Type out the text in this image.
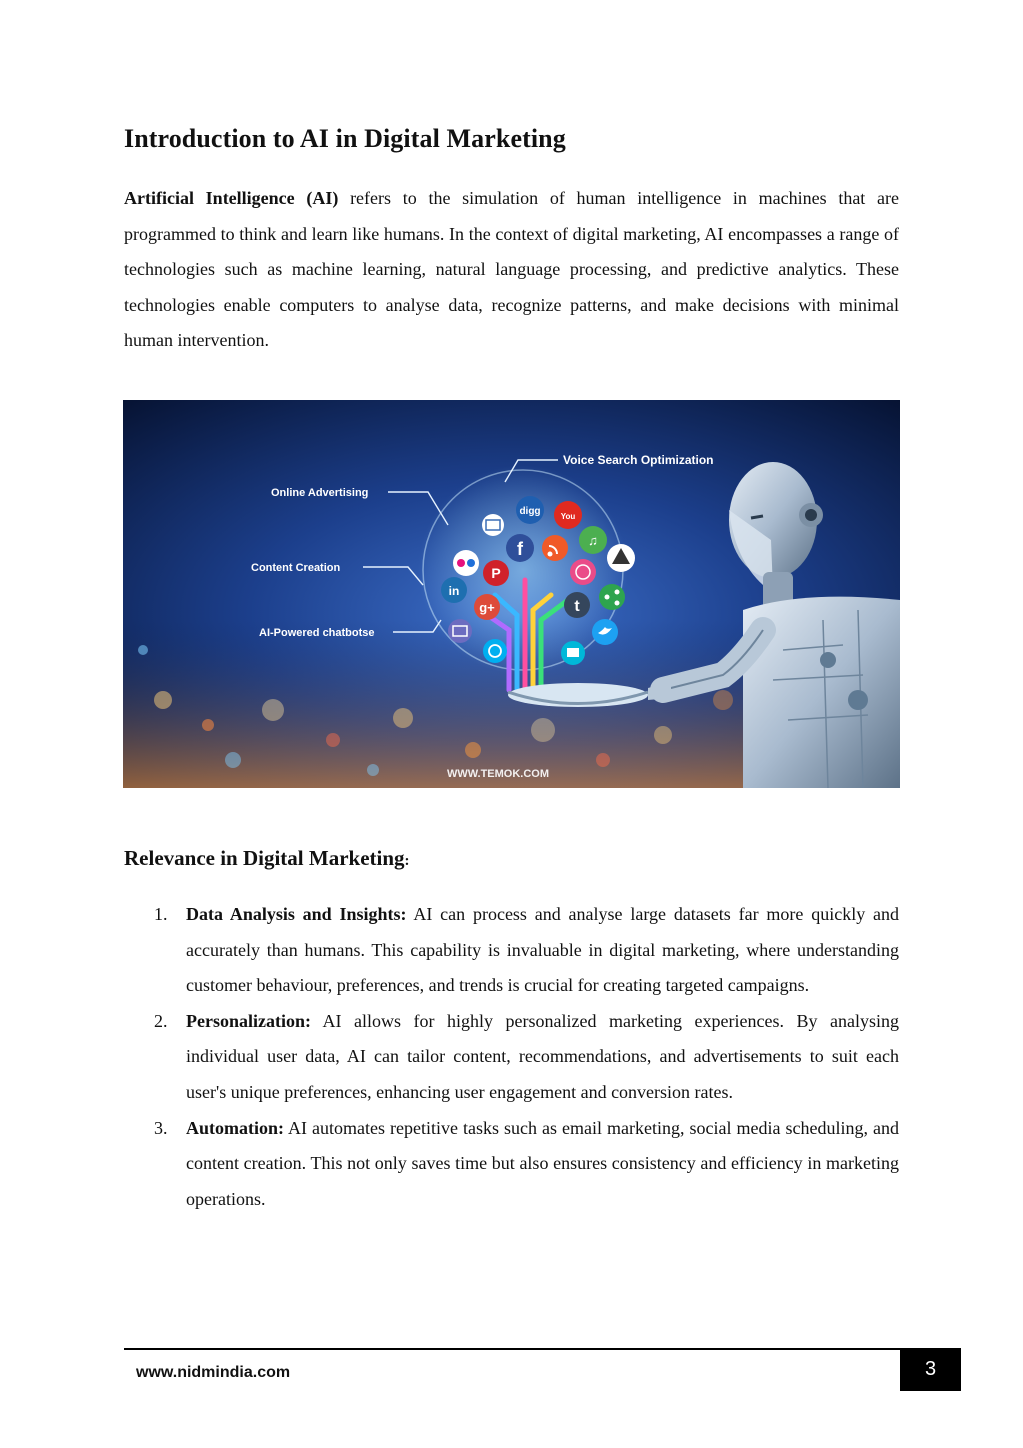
Introduction to AI in Digital Marketing

Artificial Intelligence (AI) refers to the simulation of human intelligence in machines that are programmed to think and learn like humans. In the context of digital marketing, AI encompasses a range of technologies such as machine learning, natural language processing, and predictive analytics. These technologies enable computers to analyse data, recognize patterns, and make decisions with minimal human intervention.

Voice Search Optimization
Online Advertising
Content Creation
AI-Powered chatbotse
digg	You
f	♫
P
in
g+	t
WWW.TEMOK.COM
Relevance in Digital Marketing:
1. Data Analysis and Insights: AI can process and analyse large datasets far more quickly and accurately than humans. This capability is invaluable in digital marketing, where understanding customer behaviour, preferences, and trends is crucial for creating targeted campaigns.
2. Personalization: AI allows for highly personalized marketing experiences. By analysing individual user data, AI can tailor content, recommendations, and advertisements to suit each user's unique preferences, enhancing user engagement and conversion rates.
3. Automation: AI automates repetitive tasks such as email marketing, social media scheduling, and content creation. This not only saves time but also ensures consistency and efficiency in marketing operations.
www.nidmindia.com	3
